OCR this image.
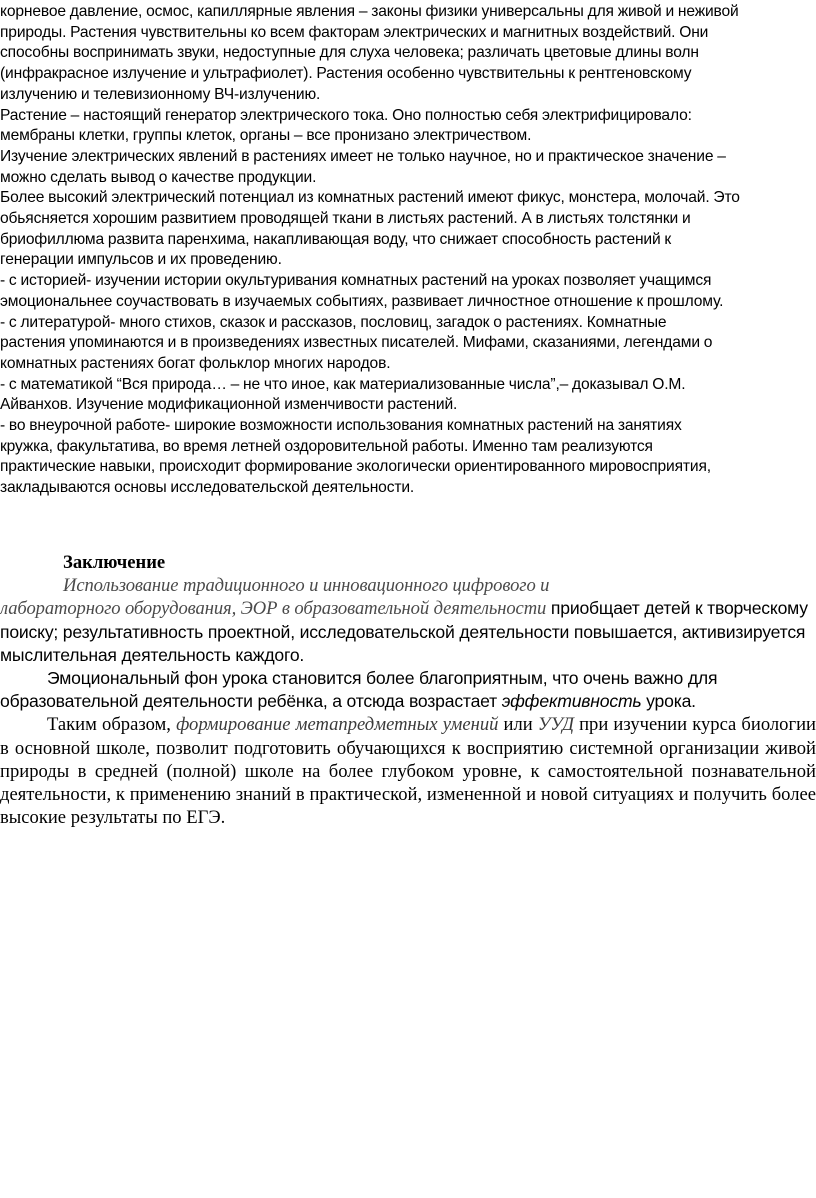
корневое давление, осмос, капиллярные явления – законы физики универсальны для живой и неживой

природы. Растения чувствительны ко всем факторам электрических и магнитных воздействий. Они

способны воспринимать звуки, недоступные для слуха человека; различать цветовые длины волн

(инфракрасное излучение и ультрафиолет). Растения особенно чувствительны к рентгеновскому

излучению и телевизионному ВЧ-излучению.

Растение – настоящий генератор электрического тока. Оно полностью себя электрифицировало:

мембраны клетки, группы клеток, органы – все пронизано электричеством.

Изучение электрических явлений в растениях имеет не только научное, но и практическое значение –

можно сделать вывод о качестве продукции.

Более высокий электрический потенциал из комнатных растений имеют фикус, монстера, молочай. Это

обьясняется хорошим развитием проводящей ткани в листьях растений. А в листьях толстянки и

бриофиллюма развита паренхима, накапливающая воду, что снижает способность растений к

генерации импульсов и их проведению.

- с историей- изучении истории окультуривания комнатных растений на уроках позволяет учащимся

эмоциональнее соучаствовать в изучаемых событиях, развивает личностное отношение к прошлому.

- с литературой- много стихов, сказок и рассказов, пословиц, загадок о растениях. Комнатные

растения упоминаются и в произведениях известных писателей. Мифами, сказаниями, легендами о

комнатных растениях богат фольклор многих народов.

- с математикой “Вся природа… – не что иное, как материализованные числа”,– доказывал О.М.

Айванхов. Изучение модификационной изменчивости растений.

- во внеурочной работе- широкие возможности использования комнатных растений на занятиях

кружка, факультатива, во время летней оздоровительной работы. Именно там реализуются

практические навыки, происходит формирование экологически ориентированного мировосприятия,

закладываются основы исследовательской деятельности.

Заключение

Использование традиционного и инновационного цифрового и
лабораторного оборудования, ЭОР в образовательной деятельности приобщает детей к творческому поиску; результативность проектной, исследовательской деятельности повышается, активизируется мыслительная деятельность каждого.

Эмоциональный фон урока становится более благоприятным, что очень важно для образовательной деятельности ребёнка, а отсюда возрастает эффективность урока.

Таким образом, формирование метапредметных умений или УУД при изучении курса биологии в основной школе, позволит подготовить обучающихся к восприятию системной организации живой природы в средней (полной) школе на более глубоком уровне, к самостоятельной познавательной деятельности, к применению знаний в практической, измененной и новой ситуациях и получить более высокие результаты по ЕГЭ.
